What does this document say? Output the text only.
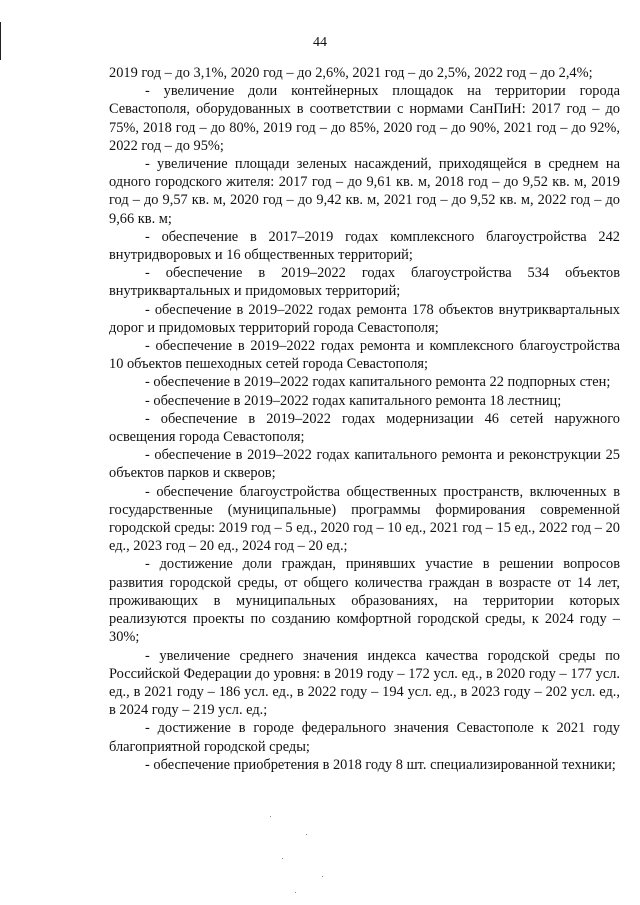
44

2019 год – до 3,1%, 2020 год – до 2,6%, 2021 год – до 2,5%, 2022 год – до 2,4%;

- увеличение доли контейнерных площадок на территории города Севастополя, оборудованных в соответствии с нормами СанПиН: 2017 год – до 75%, 2018 год – до 80%, 2019 год – до 85%, 2020 год – до 90%, 2021 год – до 92%, 2022 год – до 95%;

- увеличение площади зеленых насаждений, приходящейся в среднем на одного городского жителя: 2017 год – до 9,61 кв. м, 2018 год – до 9,52 кв. м, 2019 год – до 9,57 кв. м, 2020 год – до 9,42 кв. м, 2021 год – до 9,52 кв. м, 2022 год – до 9,66 кв. м;

- обеспечение в 2017–2019 годах комплексного благоустройства 242 внутридворовых и 16 общественных территорий;

- обеспечение в 2019–2022 годах благоустройства 534 объектов внутриквартальных и придомовых территорий;

- обеспечение в 2019–2022 годах ремонта 178 объектов внутриквартальных дорог и придомовых территорий города Севастополя;

- обеспечение в 2019–2022 годах ремонта и комплексного благоустройства 10 объектов пешеходных сетей города Севастополя;

- обеспечение в 2019–2022 годах капитального ремонта 22 подпорных стен;

- обеспечение в 2019–2022 годах капитального ремонта 18 лестниц;

- обеспечение в 2019–2022 годах модернизации 46 сетей наружного освещения города Севастополя;

- обеспечение в 2019–2022 годах капитального ремонта и реконструкции 25 объектов парков и скверов;

- обеспечение благоустройства общественных пространств, включенных в государственные (муниципальные) программы формирования современной городской среды: 2019 год – 5 ед., 2020 год – 10 ед., 2021 год – 15 ед., 2022 год – 20 ед., 2023 год – 20 ед., 2024 год – 20 ед.;

- достижение доли граждан, принявших участие в решении вопросов развития городской среды, от общего количества граждан в возрасте от 14 лет, проживающих в муниципальных образованиях, на территории которых реализуются проекты по созданию комфортной городской среды, к 2024 году – 30%;

- увеличение среднего значения индекса качества городской среды по Российской Федерации до уровня: в 2019 году – 172 усл. ед., в 2020 году – 177 усл. ед., в 2021 году – 186 усл. ед., в 2022 году – 194 усл. ед., в 2023 году – 202 усл. ед., в 2024 году – 219 усл. ед.;

- достижение в городе федерального значения Севастополе к 2021 году благоприятной городской среды;

- обеспечение приобретения в 2018 году 8 шт. специализированной техники;
